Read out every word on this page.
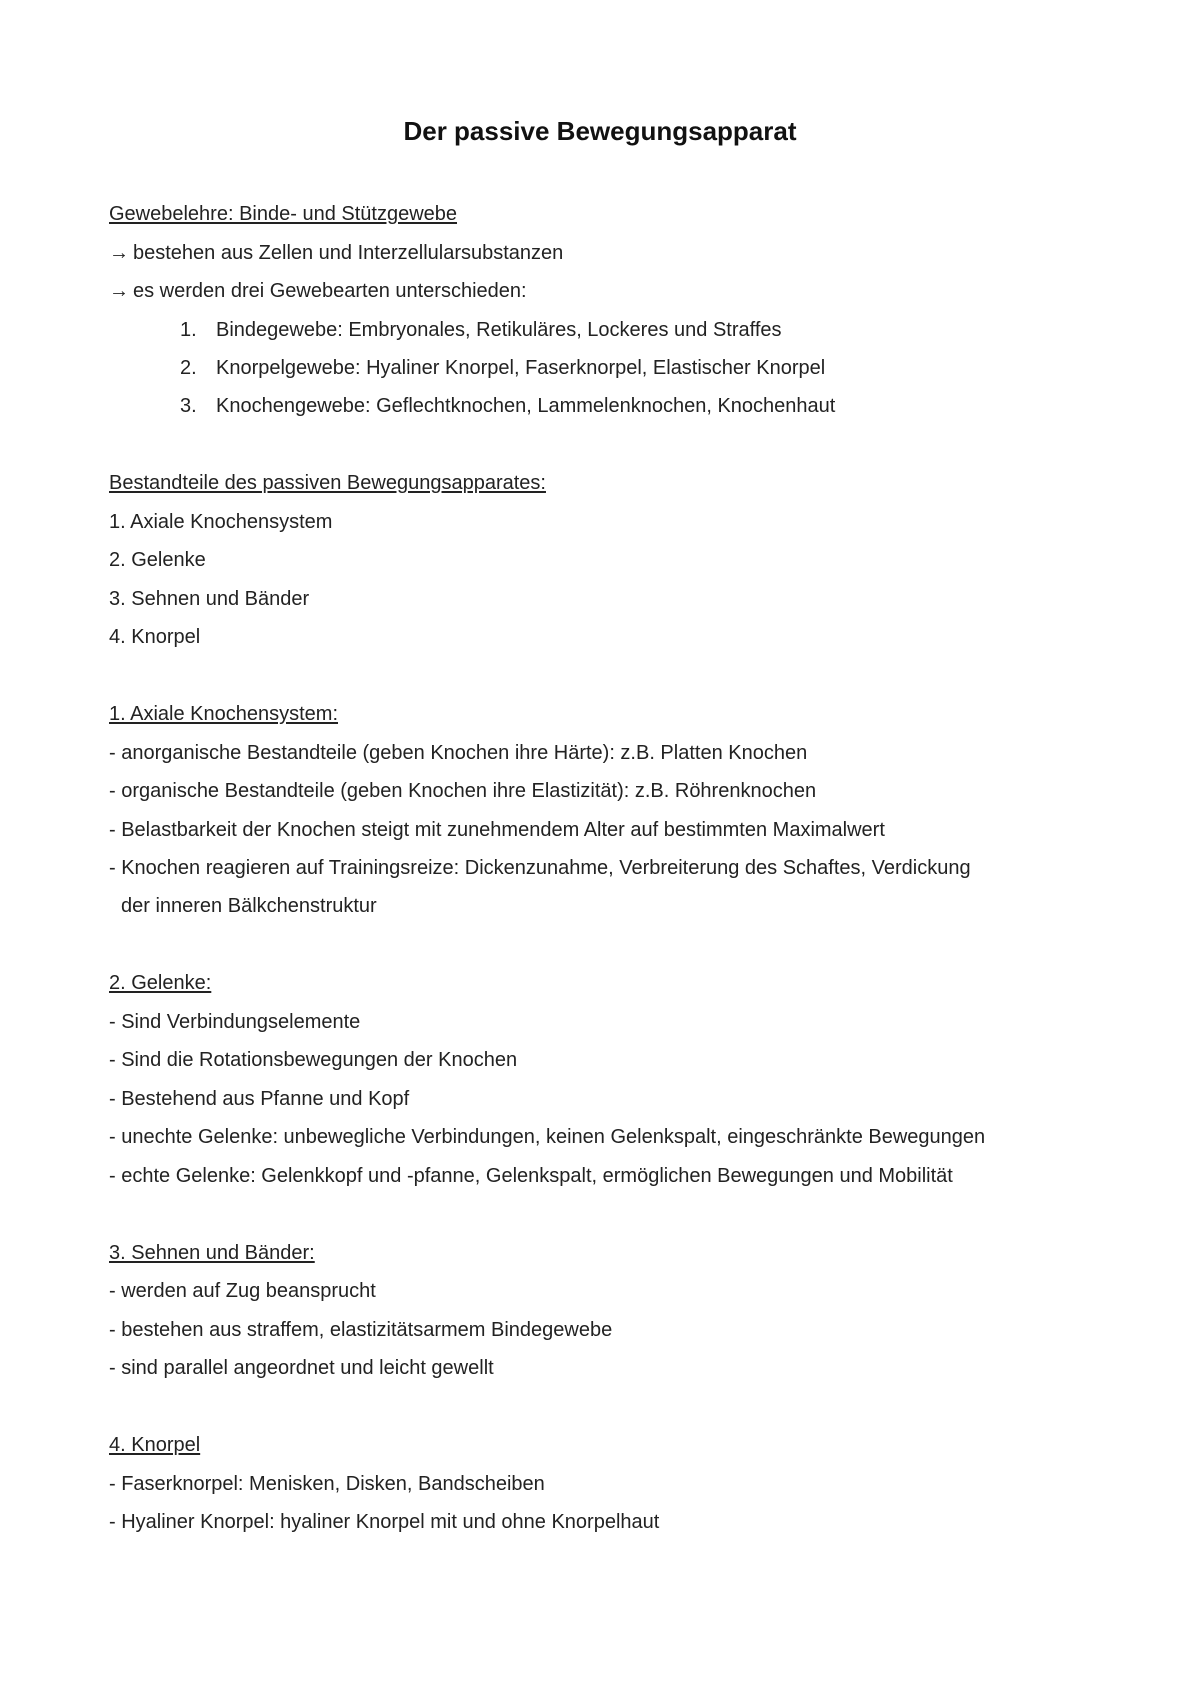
Der passive Bewegungsapparat
Gewebelehre: Binde- und Stützgewebe
→ bestehen aus Zellen und Interzellularsubstanzen
→ es werden drei Gewebearten unterschieden:
1. Bindegewebe: Embryonales, Retikuläres, Lockeres und Straffes
2. Knorpelgewebe: Hyaliner Knorpel, Faserknorpel, Elastischer Knorpel
3. Knochengewebe: Geflechtknochen, Lammelenknochen, Knochenhaut
Bestandteile des passiven Bewegungsapparates:
1. Axiale Knochensystem
2. Gelenke
3. Sehnen und Bänder
4. Knorpel
1. Axiale Knochensystem:
- anorganische Bestandteile (geben Knochen ihre Härte): z.B. Platten Knochen
- organische Bestandteile (geben Knochen ihre Elastizität): z.B. Röhrenknochen
- Belastbarkeit der Knochen steigt mit zunehmendem Alter auf bestimmten Maximalwert
- Knochen reagieren auf Trainingsreize: Dickenzunahme, Verbreiterung des Schaftes, Verdickung
der inneren Bälkchenstruktur
2. Gelenke:
- Sind Verbindungselemente
- Sind die Rotationsbewegungen der Knochen
- Bestehend aus Pfanne und Kopf
- unechte Gelenke: unbewegliche Verbindungen, keinen Gelenkspalt, eingeschränkte Bewegungen
- echte Gelenke: Gelenkkopf und -pfanne, Gelenkspalt, ermöglichen Bewegungen und Mobilität
3. Sehnen und Bänder:
- werden auf Zug beansprucht
- bestehen aus straffem, elastizitätsarmem Bindegewebe
- sind parallel angeordnet und leicht gewellt
4. Knorpel
- Faserknorpel: Menisken, Disken, Bandscheiben
- Hyaliner Knorpel: hyaliner Knorpel mit und ohne Knorpelhaut
